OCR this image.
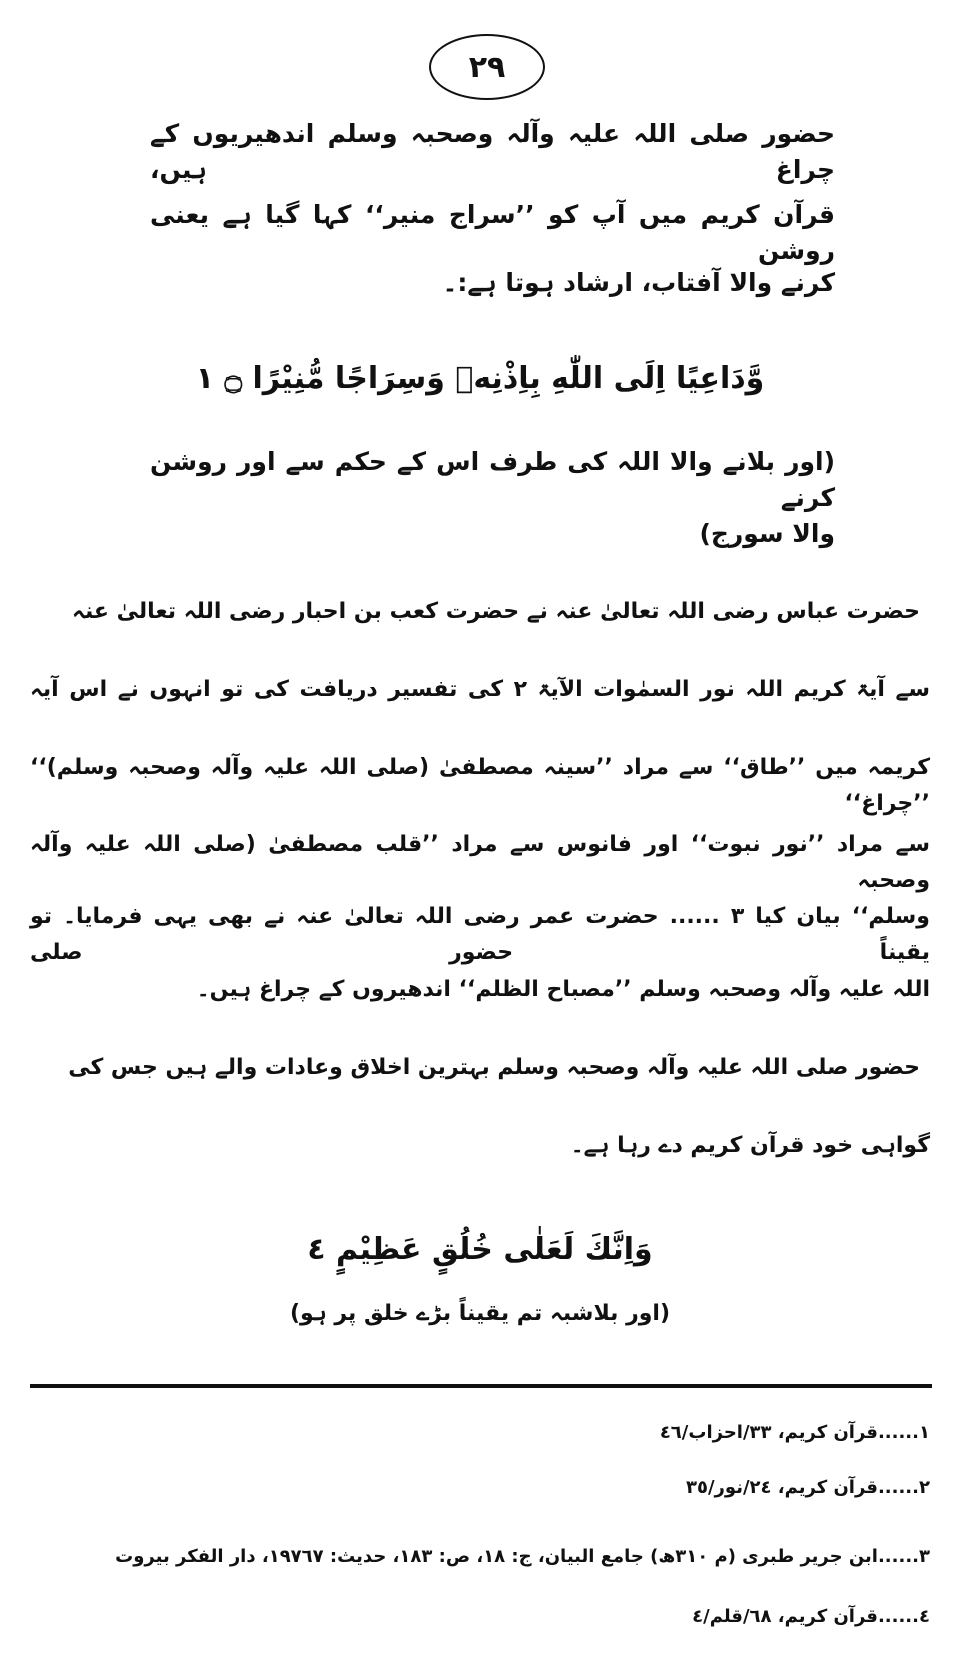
٢٩
حضور صلی اللہ علیہ وآلہ وصحبہ وسلم اندھیریوں کے چراغ ہیں،
قرآن کریم میں آپ کو ’’سراج منیر‘‘ کہا گیا ہے یعنی روشن
کرنے والا آفتاب، ارشاد ہوتا ہے:۔
وَّدَاعِيًا اِلَى اللّٰهِ بِاِذْنِهٖ وَسِرَاجًا مُّنِيْرًا ۝ ١
(اور بلانے والا اللہ کی طرف اس کے حکم سے اور روشن کرنے
والا سورج)
حضرت عباس رضی اللہ تعالیٰ عنہ نے حضرت کعب بن احبار رضی اللہ تعالیٰ عنہ
سے آیۃ کریم اللہ نور السمٰوات الآیۃ ٢ کی تفسیر دریافت کی تو انہوں نے اس آیہ
کریمہ میں ’’طاق‘‘ سے مراد ’’سینہ مصطفیٰ (صلی اللہ علیہ وآلہ وصحبہ وسلم)‘‘ ’’چراغ‘‘
سے مراد ’’نور نبوت‘‘ اور فانوس سے مراد ’’قلب مصطفیٰ (صلی اللہ علیہ وآلہ وصحبہ
وسلم‘‘ بیان کیا ٣ ...... حضرت عمر رضی اللہ تعالیٰ عنہ نے بھی یہی فرمایا۔ تو یقیناً حضور صلی
اللہ علیہ وآلہ وصحبہ وسلم ’’مصباح الظلم‘‘ اندھیروں کے چراغ ہیں۔
حضور صلی اللہ علیہ وآلہ وصحبہ وسلم بہترین اخلاق وعادات والے ہیں جس کی
گواہی خود قرآن کریم دے رہا ہے۔
وَاِنَّكَ لَعَلٰى خُلُقٍ عَظِيْمٍ ٤
(اور بلاشبہ تم یقیناً بڑے خلق پر ہو)
١......قرآن کریم، ٣٣/احزاب/٤٦
٢......قرآن کریم، ٢٤/نور/٣٥
٣......ابن جریر طبری (م ٣١٠ھ) جامع البیان، ج: ١٨، ص: ١٨٣، حدیث: ١٩٧٦٧، دار الفکر بیروت
٤......قرآن کریم، ٦٨/قلم/٤
